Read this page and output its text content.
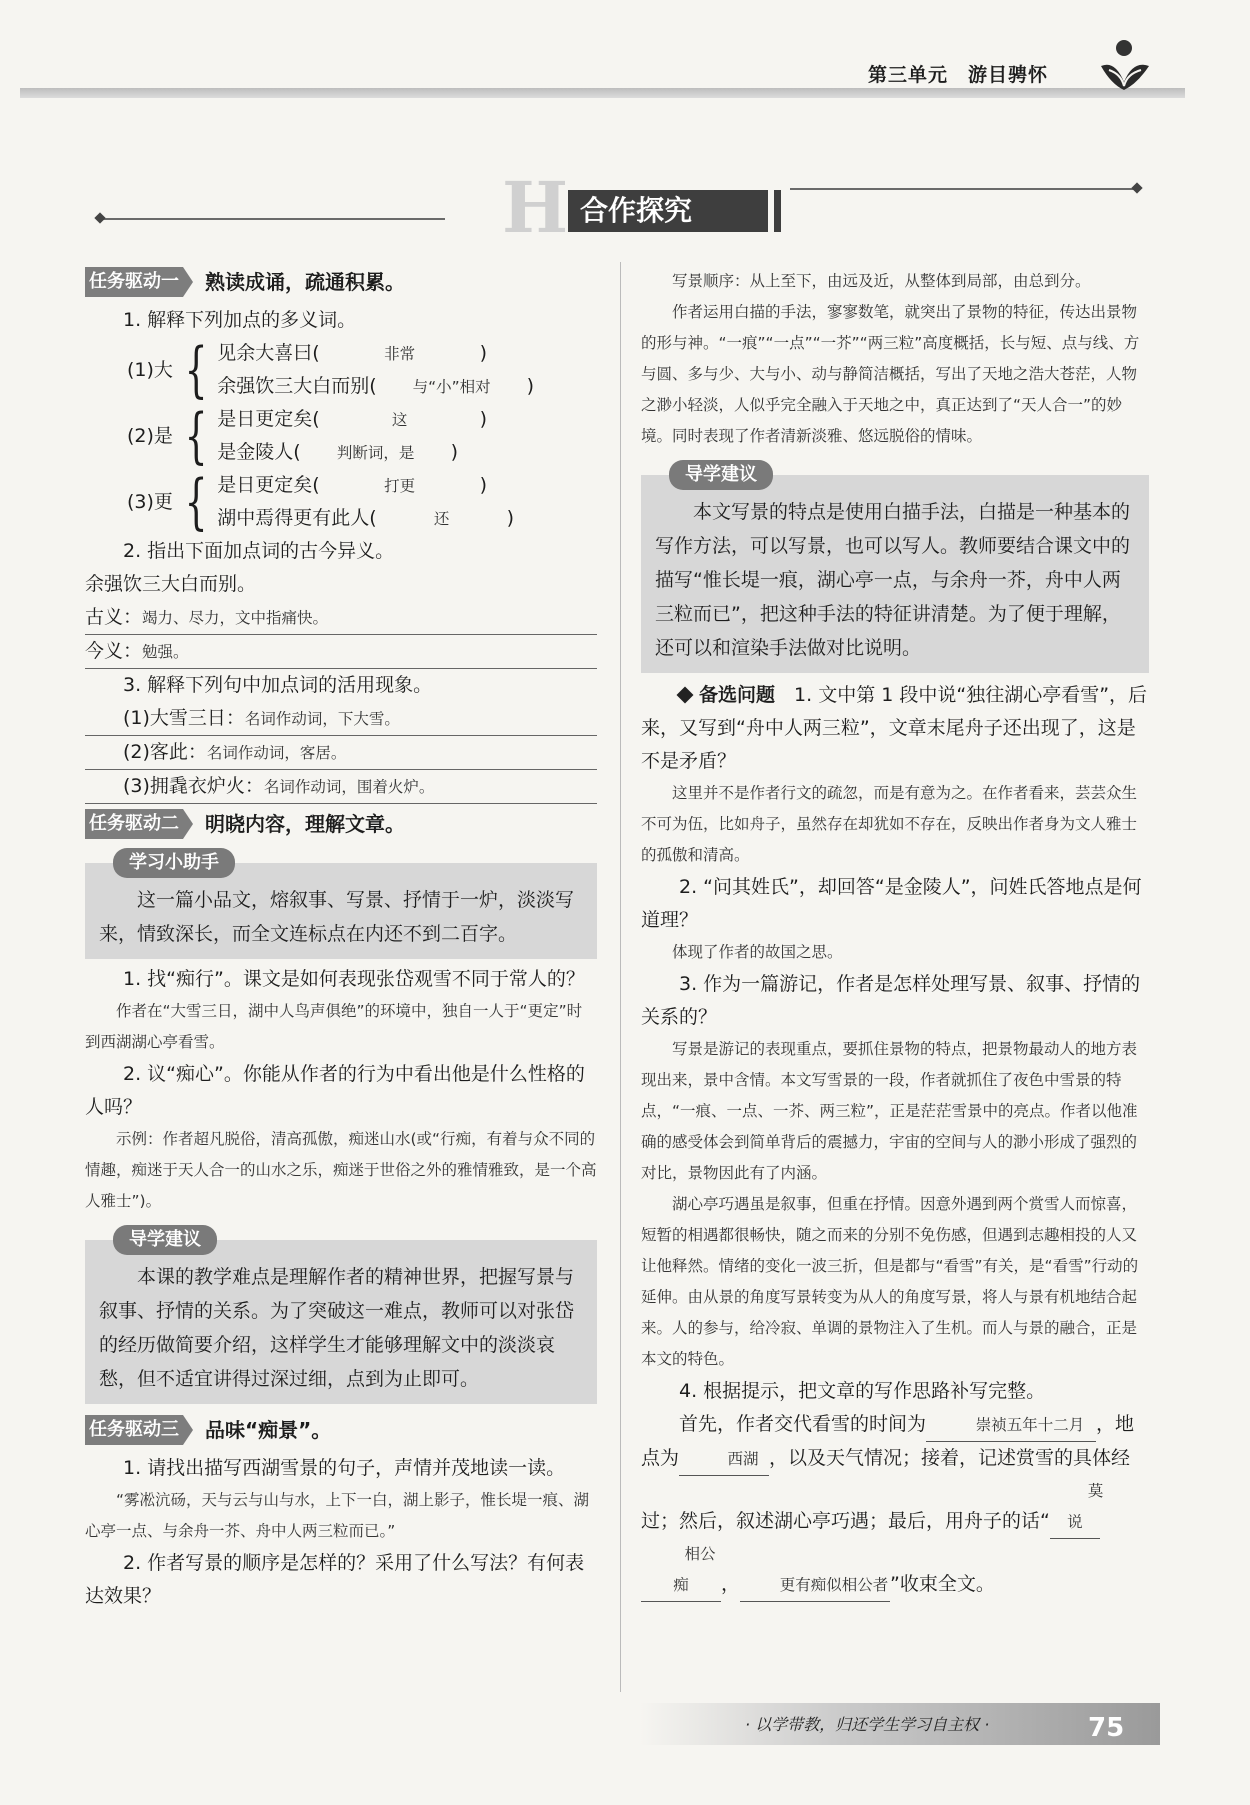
第三单元　游目骋怀
H 合作探究
任务驱动一 熟读成诵，疏通积累。

1. 解释下列加点的多义词。

(1)大 { 见余大喜曰(	非常	)

余强饮三大白而别( 与“小”相对 )

(2)是 { 是日更定矣(	这	)

是金陵人( 判断词，是 )

(3)更 { 是日更定矣(	打更	)

湖中焉得更有此人(	还	)

2. 指出下面加点词的古今异义。

余强饮三大白而别。

古义：竭力、尽力，文中指痛快。

今义：勉强。

3. 解释下列句中加点词的活用现象。

(1)大雪三日：名词作动词，下大雪。

(2)客此：名词作动词，客居。

(3)拥毳衣炉火：名词作动词，围着火炉。

任务驱动二 明晓内容，理解文章。
学习小助手

这一篇小品文，熔叙事、写景、抒情于一炉，淡淡写来，情致深长，而全文连标点在内还不到二百字。

1. 找“痴行”。课文是如何表现张岱观雪不同于常人的？

作者在“大雪三日，湖中人鸟声俱绝”的环境中，独自一人于“更定”时到西湖湖心亭看雪。

2. 议“痴心”。你能从作者的行为中看出他是什么性格的人吗？

示例：作者超凡脱俗，清高孤傲，痴迷山水(或“行痴，有着与众不同的情趣，痴迷于天人合一的山水之乐，痴迷于世俗之外的雅情雅致，是一个高人雅士”)。

导学建议

本课的教学难点是理解作者的精神世界，把握写景与叙事、抒情的关系。为了突破这一难点，教师可以对张岱的经历做简要介绍，这样学生才能够理解文中的淡淡哀愁，但不适宜讲得过深过细，点到为止即可。

任务驱动三 品味“痴景”。

1. 请找出描写西湖雪景的句子，声情并茂地读一读。

“雾凇沆砀，天与云与山与水，上下一白，湖上影子，惟长堤一痕、湖心亭一点、与余舟一芥、舟中人两三粒而已。”

2. 作者写景的顺序是怎样的？采用了什么写法？有何表达效果？

写景顺序：从上至下，由远及近，从整体到局部，由总到分。

作者运用白描的手法，寥寥数笔，就突出了景物的特征，传达出景物的形与神。“一痕”“一点”“一芥”“两三粒”高度概括，长与短、点与线、方与圆、多与少、大与小、动与静简洁概括，写出了天地之浩大苍茫，人物之渺小轻淡，人似乎完全融入于天地之中，真正达到了“天人合一”的妙境。同时表现了作者清新淡雅、悠远脱俗的情味。

导学建议

本文写景的特点是使用白描手法，白描是一种基本的写作方法，可以写景，也可以写人。教师要结合课文中的描写“惟长堤一痕，湖心亭一点，与余舟一芥，舟中人两三粒而已”，把这种手法的特征讲清楚。为了便于理解，还可以和渲染手法做对比说明。

备选问题　 1. 文中第 1 段中说“独往湖心亭看雪”，后来，又写到“舟中人两三粒”，文章末尾舟子还出现了，这是不是矛盾？

这里并不是作者行文的疏忽，而是有意为之。在作者看来，芸芸众生不可为伍，比如舟子，虽然存在却犹如不存在，反映出作者身为文人雅士的孤傲和清高。

2. “问其姓氏”，却回答“是金陵人”，问姓氏答地点是何道理？

体现了作者的故国之思。

3. 作为一篇游记，作者是怎样处理写景、叙事、抒情的关系的？

写景是游记的表现重点，要抓住景物的特点，把景物最动人的地方表现出来，景中含情。本文写雪景的一段，作者就抓住了夜色中雪景的特点，“一痕、一点、一芥、两三粒”，正是茫茫雪景中的亮点。作者以他准确的感受体会到简单背后的震撼力，宇宙的空间与人的渺小形成了强烈的对比，景物因此有了内涵。

湖心亭巧遇虽是叙事，但重在抒情。因意外遇到两个赏雪人而惊喜，短暂的相遇都很畅快，随之而来的分别不免伤感，但遇到志趣相投的人又让他释然。情绪的变化一波三折，但是都与“看雪”有关，是“看雪”行动的延伸。由从景的角度写景转变为从人的角度写景，将人与景有机地结合起来。人的参与，给冷寂、单调的景物注入了生机。而人与景的融合，正是本文的特色。

4. 根据提示，把文章的写作思路补写完整。

首先，作者交代看雪的时间为	崇祯五年十二月 ，地点为	西湖 ，以及天气情况；接着，记述赏雪的具体经过；然后，叙述湖心亭巧遇；最后，用舟子的话“莫说相公痴 ，	更有痴似相公者”收束全文。

· 以学带教，归还学生学习自主权 ·	75
